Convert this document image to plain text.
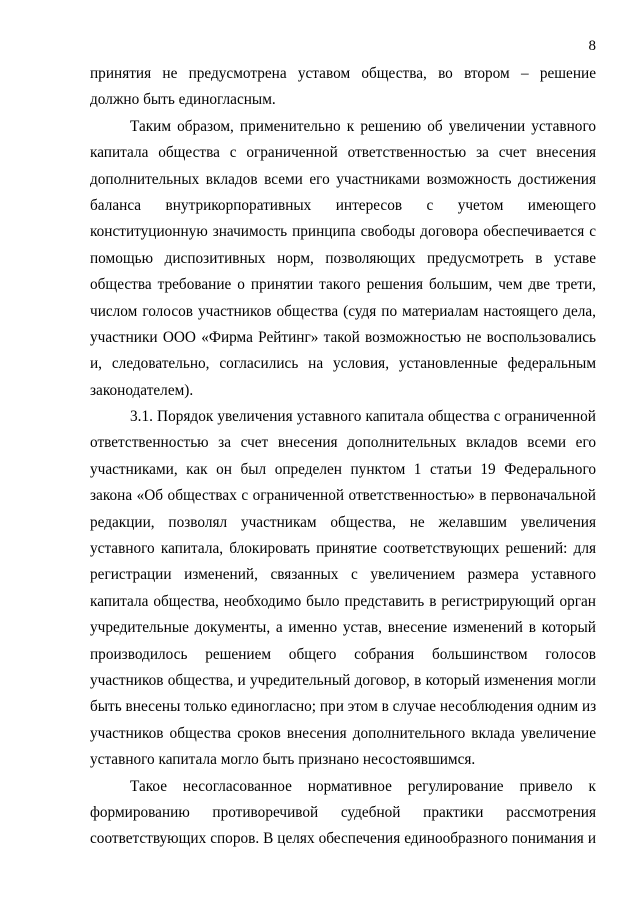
8
принятия не предусмотрена уставом общества, во втором – решение
должно быть единогласным.
Таким образом, применительно к решению об увеличении уставного
капитала общества с ограниченной ответственностью за счет внесения
дополнительных вкладов всеми его участниками возможность достижения
баланса внутрикорпоративных интересов с учетом имеющего
конституционную значимость принципа свободы договора обеспечивается с
помощью диспозитивных норм, позволяющих предусмотреть в уставе
общества требование о принятии такого решения большим, чем две трети,
числом голосов участников общества (судя по материалам настоящего дела,
участники ООО «Фирма Рейтинг» такой возможностью не воспользовались
и, следовательно, согласились на условия, установленные федеральным
законодателем).
3.1. Порядок увеличения уставного капитала общества с ограниченной
ответственностью за счет внесения дополнительных вкладов всеми его
участниками, как он был определен пунктом 1 статьи 19 Федерального
закона «Об обществах с ограниченной ответственностью» в первоначальной
редакции, позволял участникам общества, не желавшим увеличения
уставного капитала, блокировать принятие соответствующих решений: для
регистрации изменений, связанных с увеличением размера уставного
капитала общества, необходимо было представить в регистрирующий орган
учредительные документы, а именно устав, внесение изменений в который
производилось решением общего собрания большинством голосов
участников общества, и учредительный договор, в который изменения могли
быть внесены только единогласно; при этом в случае несоблюдения одним из
участников общества сроков внесения дополнительного вклада увеличение
уставного капитала могло быть признано несостоявшимся.
Такое несогласованное нормативное регулирование привело к
формированию противоречивой судебной практики рассмотрения
соответствующих споров. В целях обеспечения единообразного понимания и
